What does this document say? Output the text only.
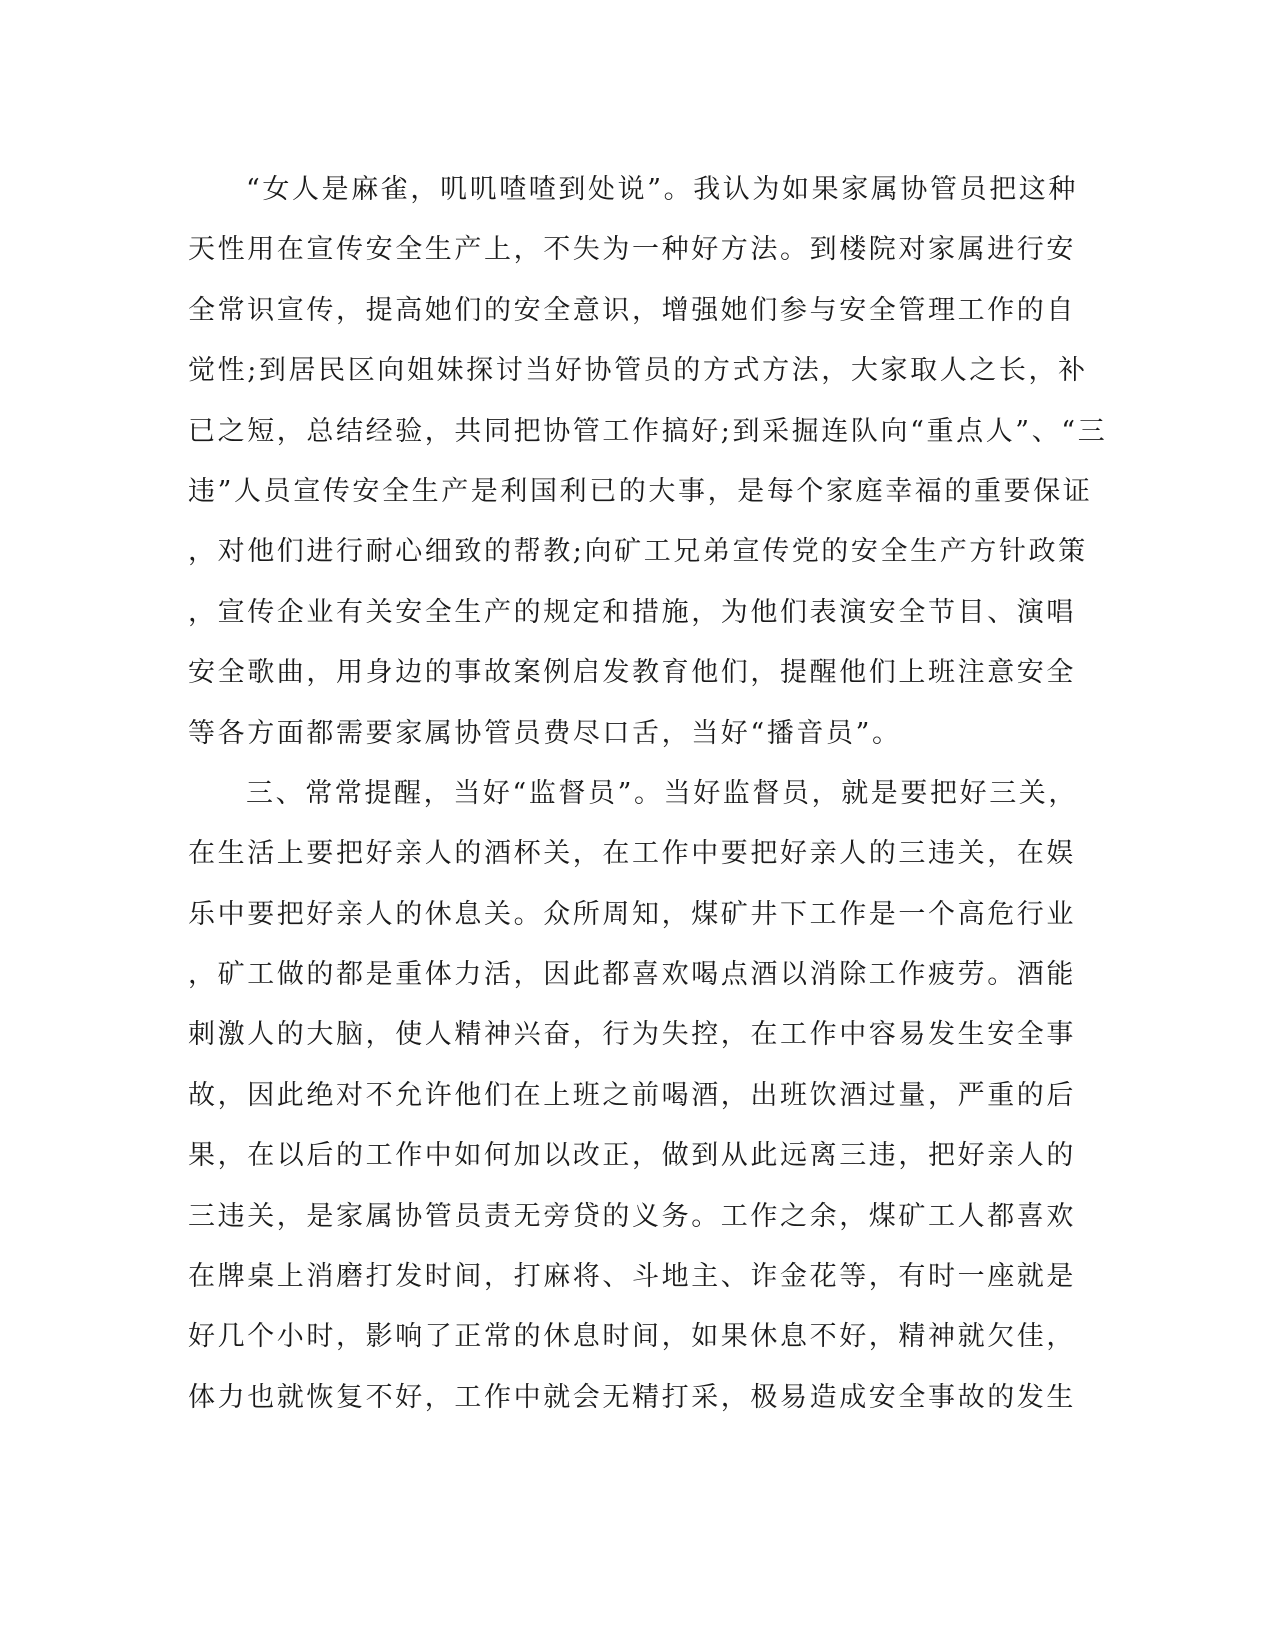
“女人是麻雀，叽叽喳喳到处说”。我认为如果家属协管员把这种
天性用在宣传安全生产上，不失为一种好方法。到楼院对家属进行安
全常识宣传，提高她们的安全意识，增强她们参与安全管理工作的自
觉性;到居民区向姐妹探讨当好协管员的方式方法，大家取人之长，补
已之短，总结经验，共同把协管工作搞好;到采掘连队向“重点人”、“三
违”人员宣传安全生产是利国利已的大事，是每个家庭幸福的重要保证
，对他们进行耐心细致的帮教;向矿工兄弟宣传党的安全生产方针政策
，宣传企业有关安全生产的规定和措施，为他们表演安全节目、演唱
安全歌曲，用身边的事故案例启发教育他们，提醒他们上班注意安全
等各方面都需要家属协管员费尽口舌，当好“播音员”。
三、常常提醒，当好“监督员”。当好监督员，就是要把好三关，
在生活上要把好亲人的酒杯关，在工作中要把好亲人的三违关，在娱
乐中要把好亲人的休息关。众所周知，煤矿井下工作是一个高危行业
，矿工做的都是重体力活，因此都喜欢喝点酒以消除工作疲劳。酒能
刺激人的大脑，使人精神兴奋，行为失控，在工作中容易发生安全事
故，因此绝对不允许他们在上班之前喝酒，出班饮酒过量，严重的后
果，在以后的工作中如何加以改正，做到从此远离三违，把好亲人的
三违关，是家属协管员责无旁贷的义务。工作之余，煤矿工人都喜欢
在牌桌上消磨打发时间，打麻将、斗地主、诈金花等，有时一座就是
好几个小时，影响了正常的休息时间，如果休息不好，精神就欠佳，
体力也就恢复不好，工作中就会无精打采，极易造成安全事故的发生
